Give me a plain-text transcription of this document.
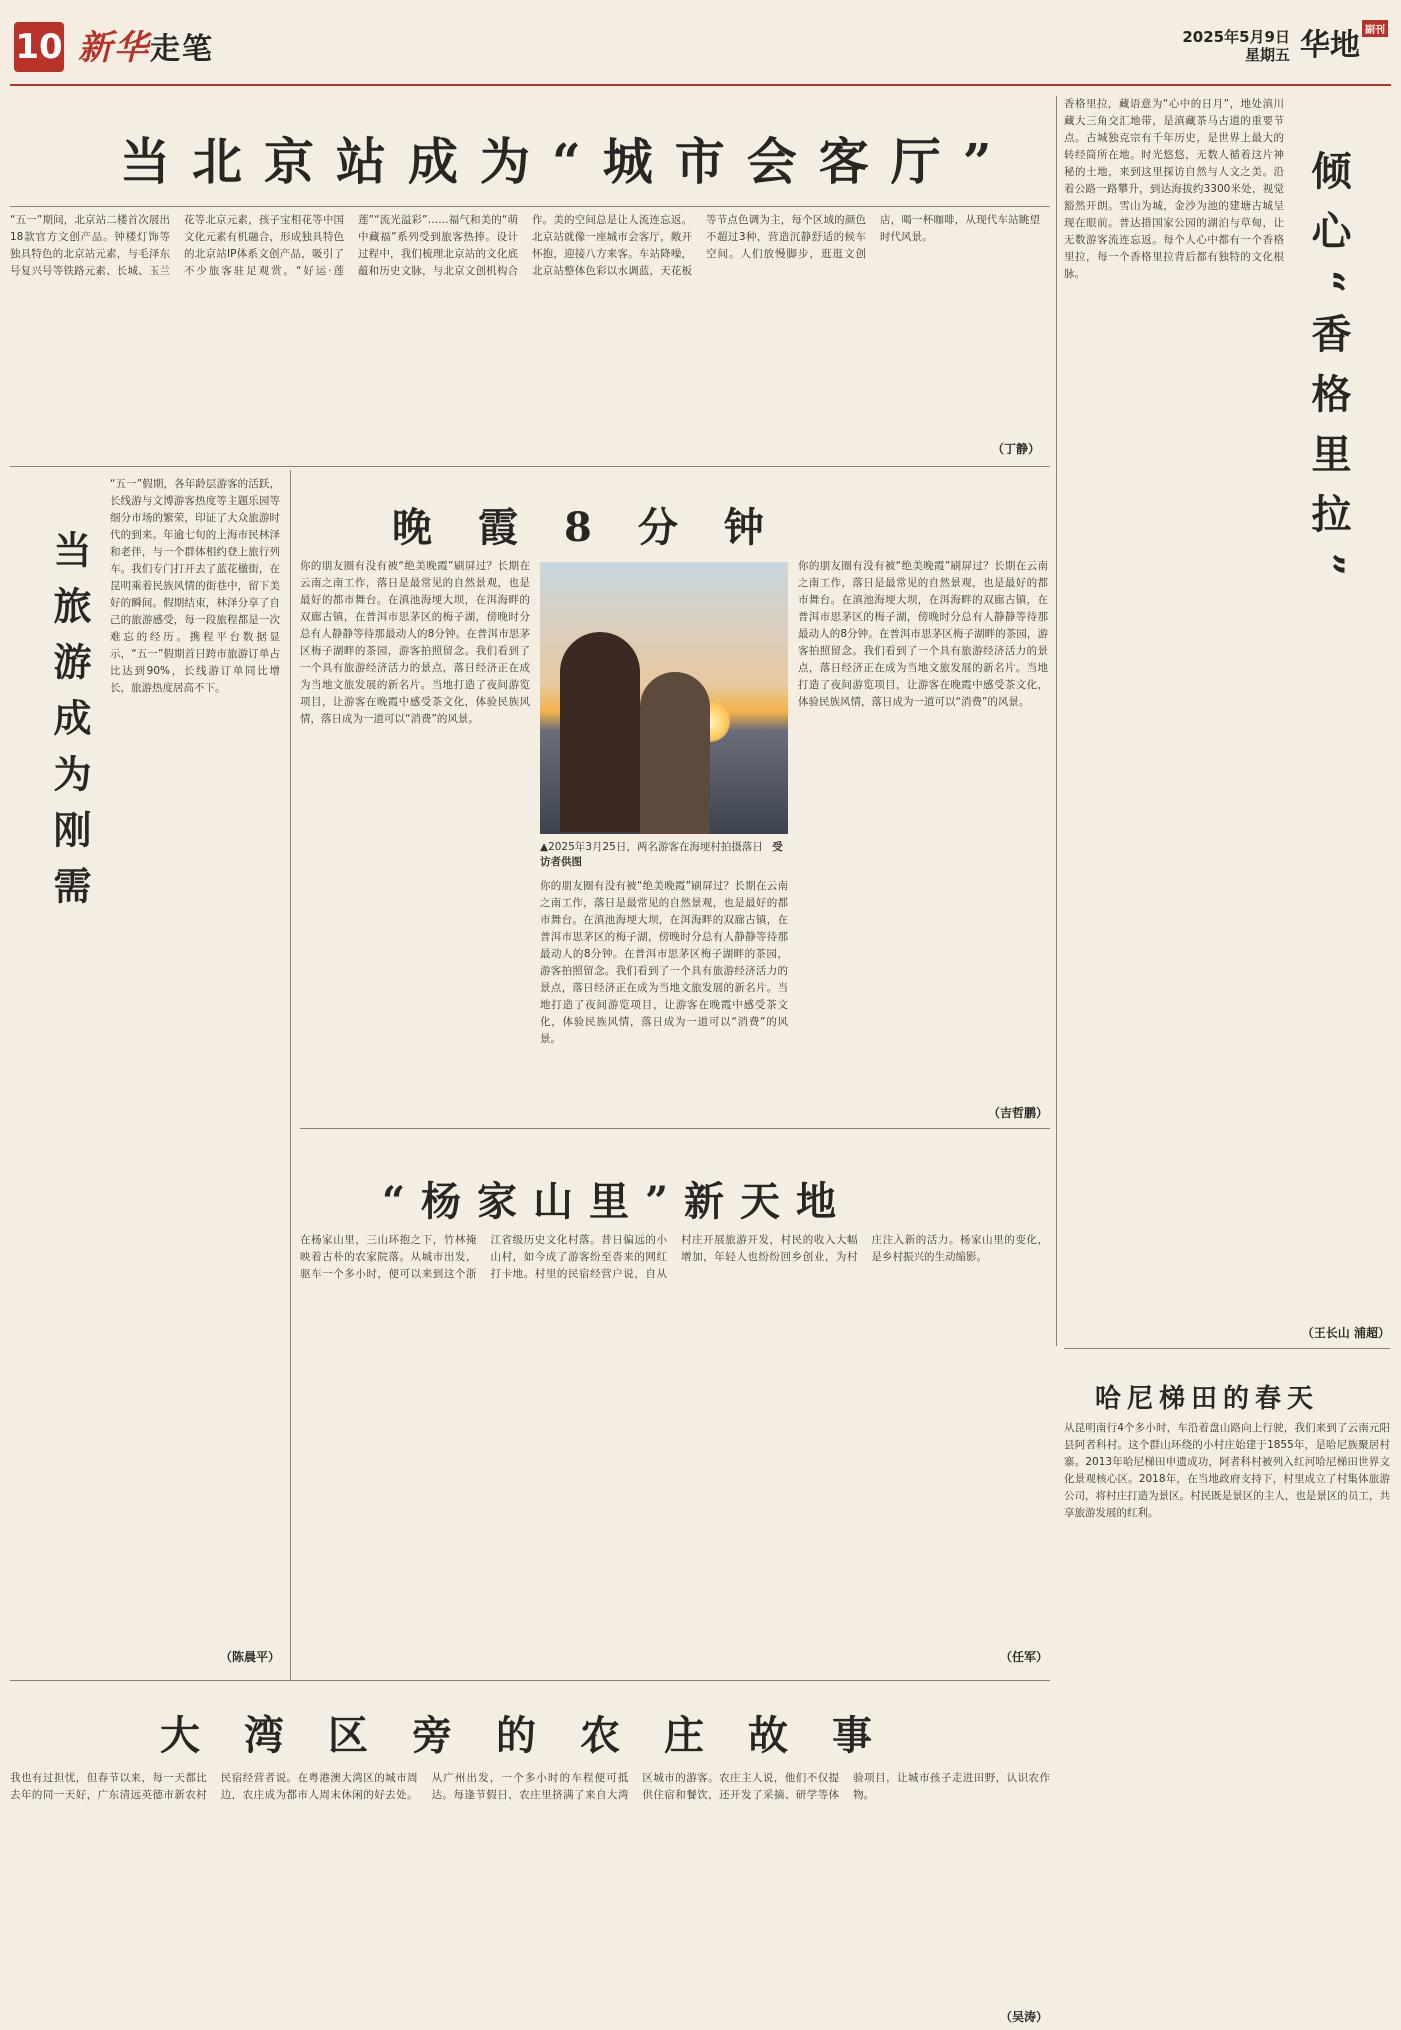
10 新华走笔	2025年5月9日
星期五 华地 副刊
当北京站成为“城市会客厅”
“五一”期间，北京站二楼首次展出18款官方文创产品。钟楼灯饰等独具特色的北京站元素，与毛泽东号复兴号等铁路元素、长城、玉兰花等北京元素，孩子宝相花等中国文化元素有机融合，形成独具特色的北京站IP体系文创产品，吸引了不少旅客驻足观赏。“好运·莲莲”“流光溢彩”……福气和美的“萌中藏福”系列受到旅客热捧。设计过程中，我们梳理北京站的文化底蕴和历史文脉，与北京文创机构合作。美的空间总是让人流连忘返。北京站就像一座城市会客厅，敞开怀抱，迎接八方来客。车站降噪，北京站整体色彩以水调蓝，天花板等节点色调为主，每个区域的颜色不超过3种，营造沉静舒适的候车空间。人们放慢脚步，逛逛文创店，喝一杯咖啡，从现代车站眺望时代风景。
（丁静）
当旅游成为刚需
“五一”假期，各年龄层游客的活跃，长线游与文博游客热度等主题乐园等细分市场的繁荣，印证了大众旅游时代的到来。年逾七旬的上海市民林泽和老伴，与一个群体相约登上旅行列车。我们专门打开去了蓝花楹街，在昆明乘着民族风情的街巷中，留下美好的瞬间。假期结束，林泽分享了自己的旅游感受，每一段旅程都是一次难忘的经历。携程平台数据显示，“五一”假期首日跨市旅游订单占比达到90%，长线游订单同比增长，旅游热度居高不下。
（陈晨平）
晚霞8分钟
你的朋友圈有没有被“绝美晚霞”刷屏过？长期在云南之南工作，落日是最常见的自然景观，也是最好的都市舞台。在滇池海埂大坝，在洱海畔的双廊古镇，在普洱市思茅区的梅子湖，傍晚时分总有人静静等待那最动人的8分钟。在普洱市思茅区梅子湖畔的茶园，游客拍照留念。我们看到了一个具有旅游经济活力的景点，落日经济正在成为当地文旅发展的新名片。当地打造了夜间游览项目，让游客在晚霞中感受茶文化，体验民族风情，落日成为一道可以“消费”的风景。
▲2025年3月25日，两名游客在海埂村拍摄落日 受访者供图
你的朋友圈有没有被“绝美晚霞”刷屏过？长期在云南之南工作，落日是最常见的自然景观，也是最好的都市舞台。在滇池海埂大坝，在洱海畔的双廊古镇，在普洱市思茅区的梅子湖，傍晚时分总有人静静等待那最动人的8分钟。在普洱市思茅区梅子湖畔的茶园，游客拍照留念。我们看到了一个具有旅游经济活力的景点，落日经济正在成为当地文旅发展的新名片。当地打造了夜间游览项目，让游客在晚霞中感受茶文化，体验民族风情，落日成为一道可以“消费”的风景。
你的朋友圈有没有被“绝美晚霞”刷屏过？长期在云南之南工作，落日是最常见的自然景观，也是最好的都市舞台。在滇池海埂大坝，在洱海畔的双廊古镇，在普洱市思茅区的梅子湖，傍晚时分总有人静静等待那最动人的8分钟。在普洱市思茅区梅子湖畔的茶园，游客拍照留念。我们看到了一个具有旅游经济活力的景点，落日经济正在成为当地文旅发展的新名片。当地打造了夜间游览项目，让游客在晚霞中感受茶文化，体验民族风情，落日成为一道可以“消费”的风景。
（吉哲鹏）
“杨家山里”新天地
在杨家山里，三山环抱之下，竹林掩映着古朴的农家院落。从城市出发，驱车一个多小时，便可以来到这个浙江省级历史文化村落。昔日偏远的小山村，如今成了游客纷至沓来的网红打卡地。村里的民宿经营户说，自从村庄开展旅游开发，村民的收入大幅增加，年轻人也纷纷回乡创业，为村庄注入新的活力。杨家山里的变化，是乡村振兴的生动缩影。
（任军）
倾心“香格里拉”
香格里拉，藏语意为“心中的日月”，地处滇川藏大三角交汇地带，是滇藏茶马古道的重要节点。古城独克宗有千年历史，是世界上最大的转经筒所在地。时光悠悠，无数人循着这片神秘的土地，来到这里探访自然与人文之美。沿着公路一路攀升，到达海拔约3300米处，视觉豁然开朗。雪山为城，金沙为池的建塘古城呈现在眼前。普达措国家公园的湖泊与草甸，让无数游客流连忘返。每个人心中都有一个香格里拉，每一个香格里拉背后都有独特的文化根脉。
（王长山 浦超）
哈尼梯田的春天
从昆明南行4个多小时，车沿着盘山路向上行驶，我们来到了云南元阳县阿者科村。这个群山环绕的小村庄始建于1855年，是哈尼族聚居村寨。2013年哈尼梯田申遗成功，阿者科村被列入红河哈尼梯田世界文化景观核心区。2018年，在当地政府支持下，村里成立了村集体旅游公司，将村庄打造为景区。村民既是景区的主人，也是景区的员工，共享旅游发展的红利。
大湾区旁的农庄故事
我也有过担忧，但春节以来，每一天都比去年的同一天好，广东清远英德市新农村民宿经营者说。在粤港澳大湾区的城市周边，农庄成为都市人周末休闲的好去处。从广州出发，一个多小时的车程便可抵达。每逢节假日，农庄里挤满了来自大湾区城市的游客。农庄主人说，他们不仅提供住宿和餐饮，还开发了采摘、研学等体验项目，让城市孩子走进田野，认识农作物。
（吴涛）
